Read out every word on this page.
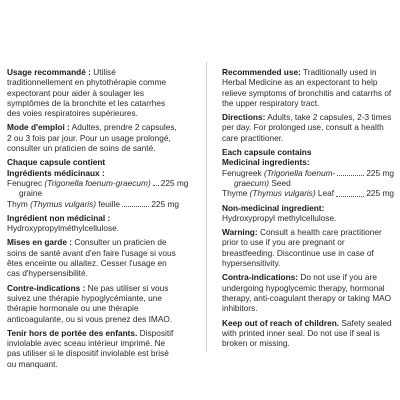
Usage recommandé : Utilisé traditionnellement en phytothérapie comme expectorant pour aider à soulager les symptômes de la bronchite et les catarrhes des voies respiratoires supérieures.
Mode d'emploi : Adultes, prendre 2 capsules, 2 ou 3 fois par jour. Pour un usage prolongé, consulter un praticien de soins de santé.
Chaque capsule contient
Ingrédients médicinaux :
Fenugrec (Trigonella foenum-graecum) 225 mg
graine
Thym (Thymus vulgaris) feuille	225 mg
Ingrédient non médicinal :
Hydroxypropylméthylcellulose.
Mises en garde : Consulter un praticien de soins de santé avant d'en faire l'usage si vous êtes enceinte ou allaitez. Cesser l'usage en cas d'hypersensibilité.
Contre-indications : Ne pas utiliser si vous suivez une thérapie hypoglycémiante, une thérapie hormonale ou une thérapie anticoagulante, ou si vous prenez des IMAO.
Tenir hors de portée des enfants. Dispositif inviolable avec sceau intérieur imprimé. Ne pas utiliser si le dispositif inviolable est brisé ou manquant.
Recommended use: Traditionally used in Herbal Medicine as an expectorant to help relieve symptoms of bronchitis and catarrhs of the upper respiratory tract.
Directions: Adults, take 2 capsules, 2-3 times per day. For prolonged use, consult a health care practitioner.
Each capsule contains
Medicinal ingredients:
Fenugreek (Trigonella foenum-	225 mg
graecum) Seed
Thyme (Thymus vulgaris) Leaf	225 mg
Non-medicinal ingredient:
Hydroxypropyl methylcellulose.
Warning: Consult a health care practitioner prior to use if you are pregnant or breastfeeding. Discontinue use in case of hypersensitivity.
Contra-indications: Do not use if you are undergoing hypoglycemic therapy, hormonal therapy, anti-coagulant therapy or taking MAO inhibitors.
Keep out of reach of children. Safety sealed with printed inner seal. Do not use if seal is broken or missing.
